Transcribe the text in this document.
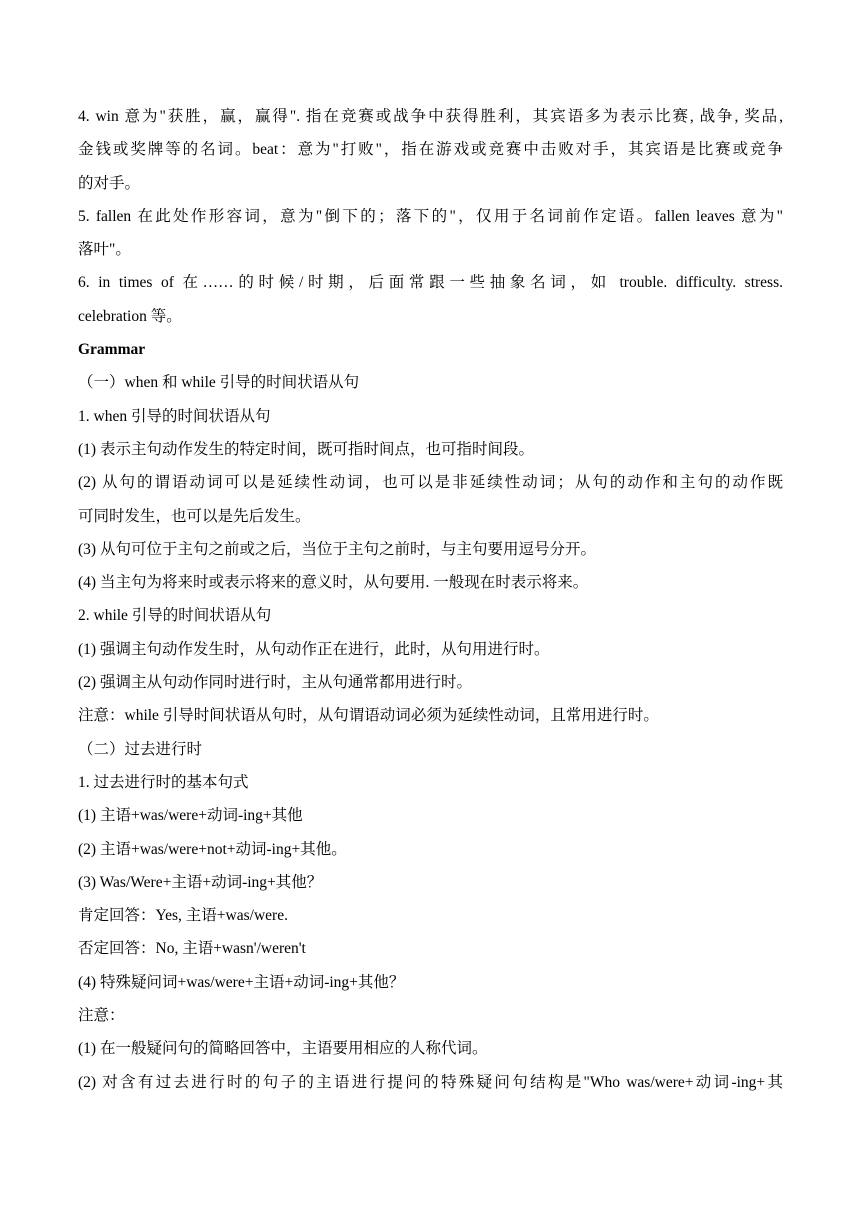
4. win 意为"获胜，赢，赢得". 指在竞赛或战争中获得胜利，其宾语多为表示比赛, 战争, 奖品,

金钱或奖牌等的名词。beat：意为"打败"，指在游戏或竞赛中击败对手，其宾语是比赛或竞争

的对手。

5. fallen 在此处作形容词，意为"倒下的；落下的"，仅用于名词前作定语。fallen leaves 意为"

落叶"。

6. in times of 在……的时候/时期，后面常跟一些抽象名词，如 trouble. difficulty. stress.

celebration 等。

Grammar

（一）when 和 while 引导的时间状语从句

1. when 引导的时间状语从句

(1) 表示主句动作发生的特定时间，既可指时间点，也可指时间段。

(2) 从句的谓语动词可以是延续性动词，也可以是非延续性动词；从句的动作和主句的动作既

可同时发生，也可以是先后发生。

(3) 从句可位于主句之前或之后，当位于主句之前时，与主句要用逗号分开。

(4) 当主句为将来时或表示将来的意义时，从句要用. 一般现在时表示将来。

2. while 引导的时间状语从句

(1) 强调主句动作发生时，从句动作正在进行，此时，从句用进行时。

(2) 强调主从句动作同时进行时，主从句通常都用进行时。

注意：while 引导时间状语从句时，从句谓语动词必须为延续性动词，且常用进行时。

（二）过去进行时

1. 过去进行时的基本句式

(1) 主语+was/were+动词-ing+其他

(2) 主语+was/were+not+动词-ing+其他。

(3) Was/Were+主语+动词-ing+其他？

肯定回答：Yes, 主语+was/were.

否定回答：No, 主语+wasn'/weren't

(4) 特殊疑问词+was/were+主语+动词-ing+其他？

注意：

(1) 在一般疑问句的简略回答中，主语要用相应的人称代词。

(2) 对含有过去进行时的句子的主语进行提问的特殊疑问句结构是"Who was/were+动词-ing+其
